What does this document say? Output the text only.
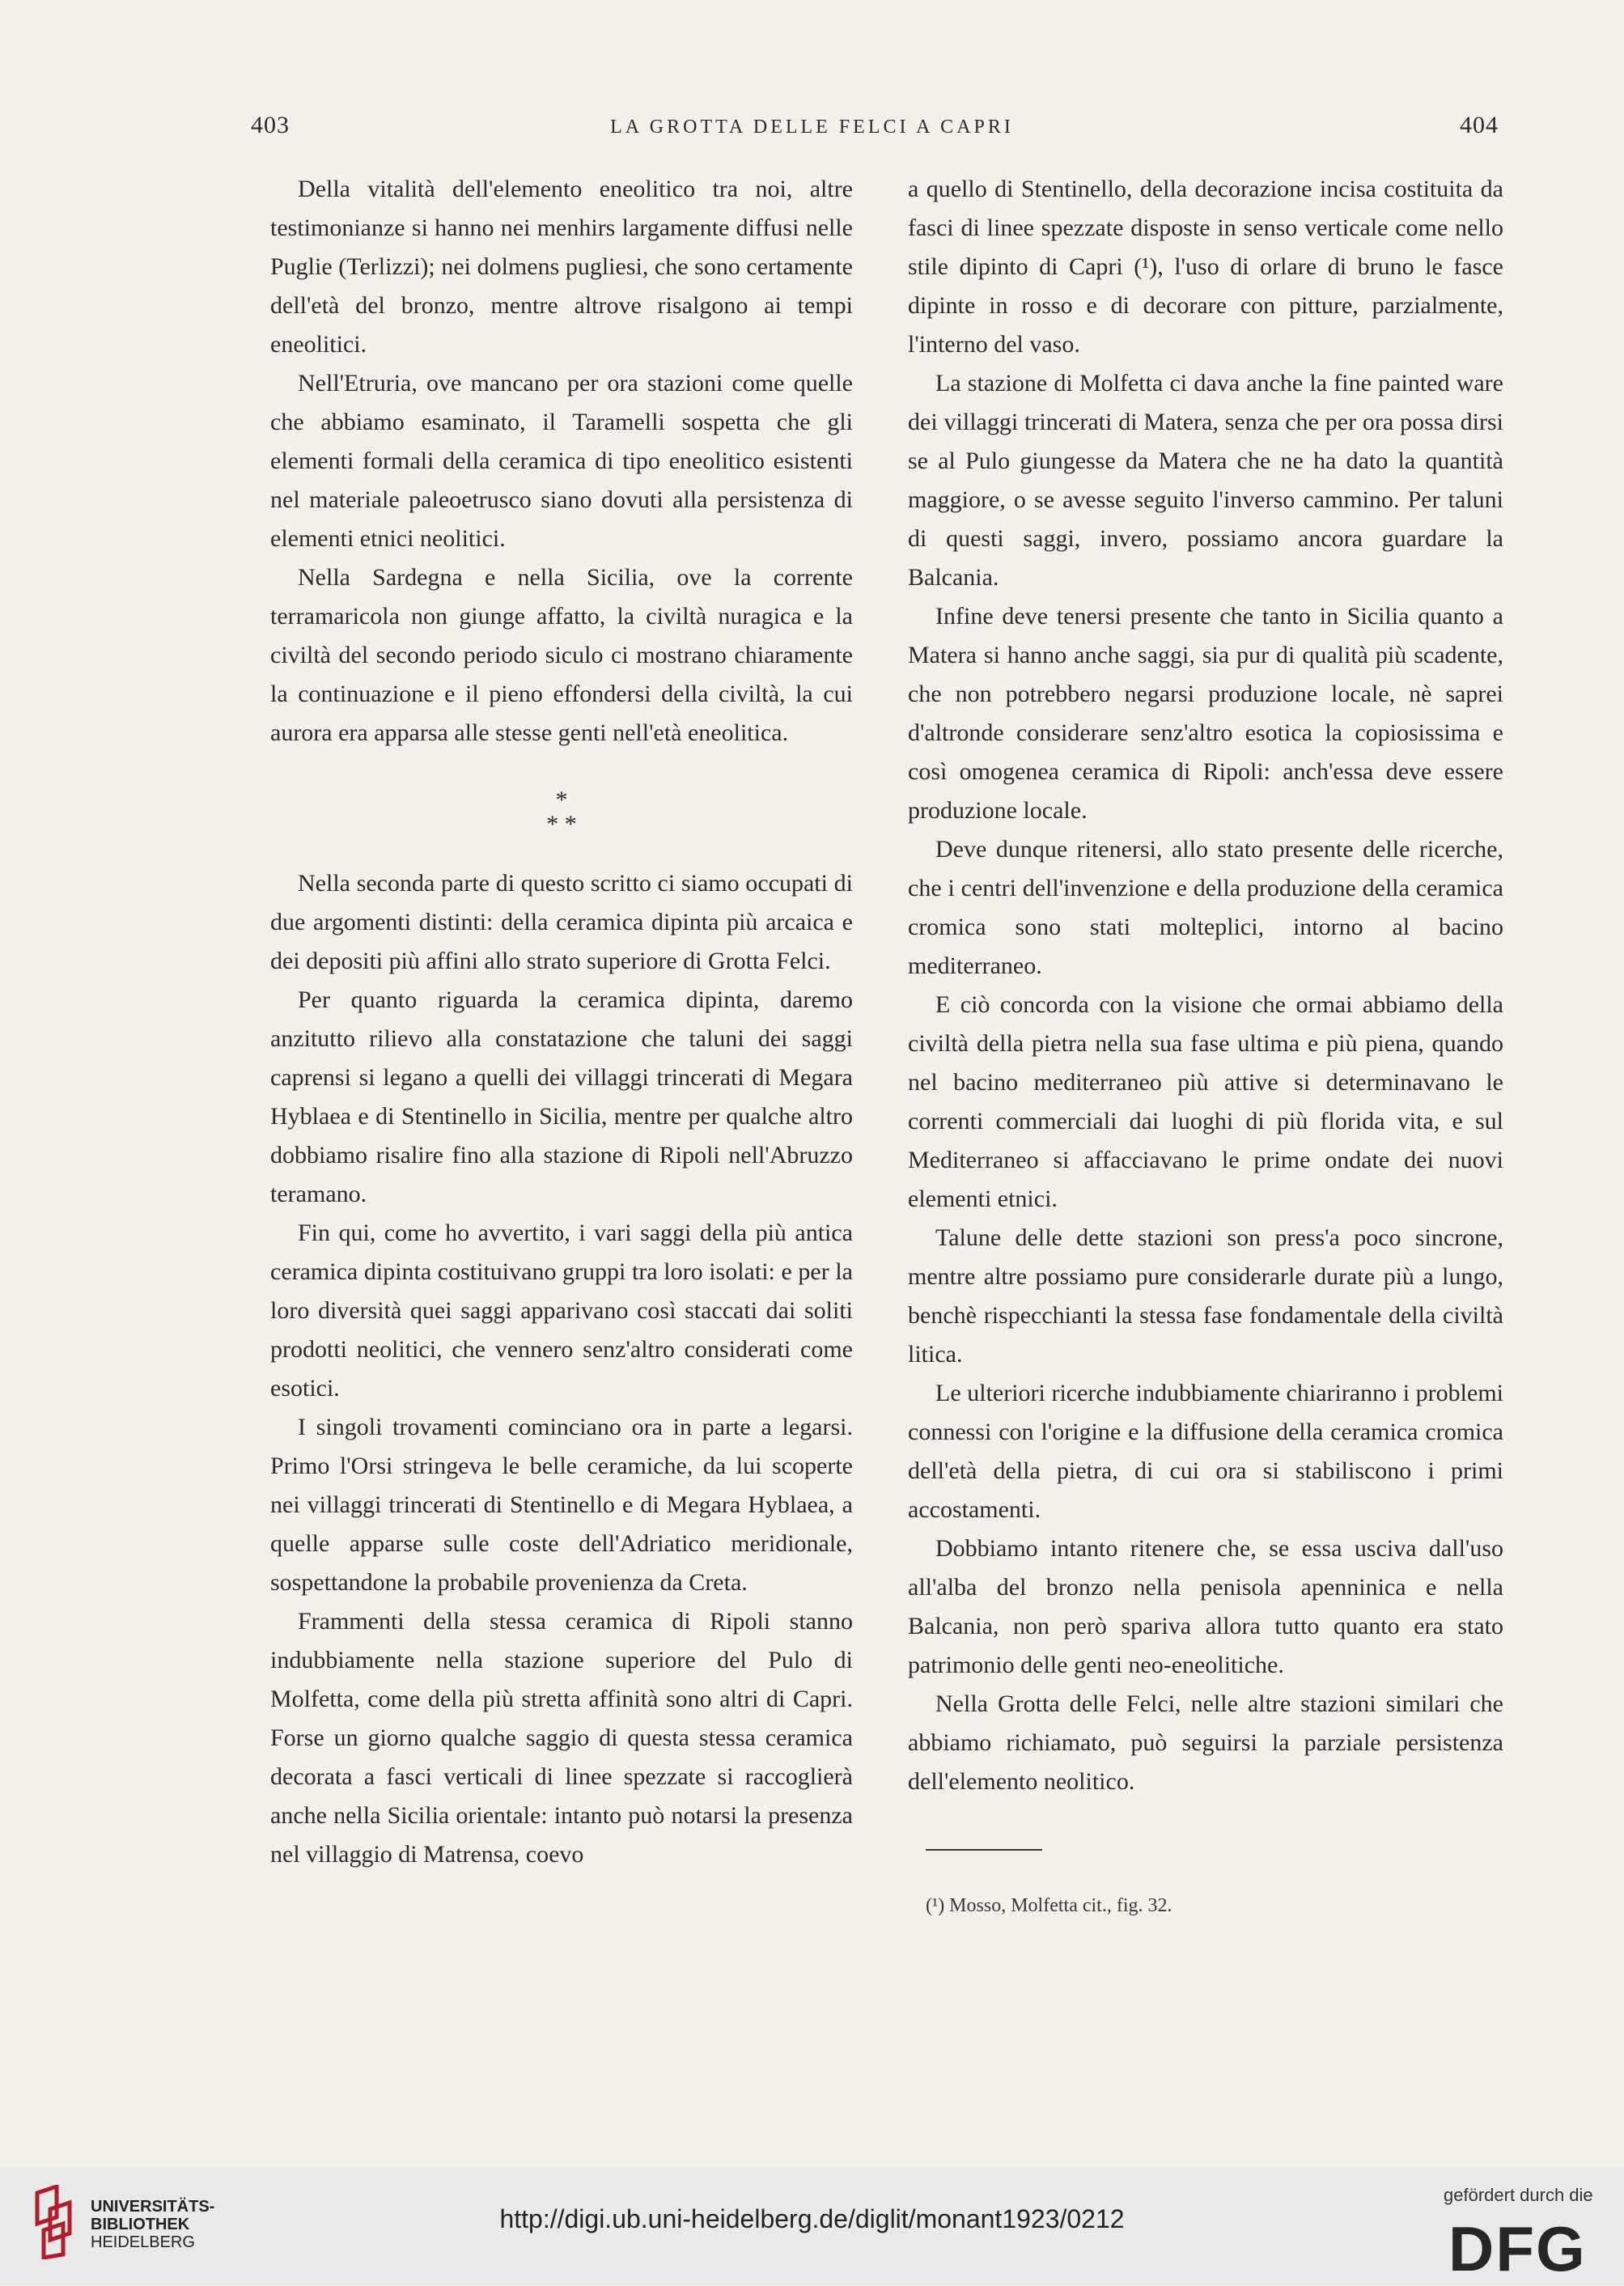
403	LA GROTTA DELLE FELCI A CAPRI	404

Della vitalità dell'elemento eneolitico tra noi, altre testimonianze si hanno nei menhirs largamente diffusi nelle Puglie (Terlizzi); nei dolmens pugliesi, che sono certamente dell'età del bronzo, mentre altrove risalgono ai tempi eneolitici.

Nell'Etruria, ove mancano per ora stazioni come quelle che abbiamo esaminato, il Taramelli sospetta che gli elementi formali della ceramica di tipo eneolitico esistenti nel materiale paleoetrusco siano dovuti alla persistenza di elementi etnici neolitici.

Nella Sardegna e nella Sicilia, ove la corrente terramaricola non giunge affatto, la civiltà nuragica e la civiltà del secondo periodo siculo ci mostrano chiaramente la continuazione e il pieno effondersi della civiltà, la cui aurora era apparsa alle stesse genti nell'età eneolitica.

*
* *

Nella seconda parte di questo scritto ci siamo occupati di due argomenti distinti: della ceramica dipinta più arcaica e dei depositi più affini allo strato superiore di Grotta Felci.

Per quanto riguarda la ceramica dipinta, daremo anzitutto rilievo alla constatazione che taluni dei saggi caprensi si legano a quelli dei villaggi trincerati di Megara Hyblaea e di Stentinello in Sicilia, mentre per qualche altro dobbiamo risalire fino alla stazione di Ripoli nell'Abruzzo teramano.

Fin qui, come ho avvertito, i vari saggi della più antica ceramica dipinta costituivano gruppi tra loro isolati: e per la loro diversità quei saggi apparivano così staccati dai soliti prodotti neolitici, che vennero senz'altro considerati come esotici.

I singoli trovamenti cominciano ora in parte a legarsi. Primo l'Orsi stringeva le belle ceramiche, da lui scoperte nei villaggi trincerati di Stentinello e di Megara Hyblaea, a quelle apparse sulle coste dell'Adriatico meridionale, sospettandone la probabile provenienza da Creta.

Frammenti della stessa ceramica di Ripoli stanno indubbiamente nella stazione superiore del Pulo di Molfetta, come della più stretta affinità sono altri di Capri. Forse un giorno qualche saggio di questa stessa ceramica decorata a fasci verticali di linee spezzate si raccoglierà anche nella Sicilia orientale: intanto può notarsi la presenza nel villaggio di Matrensa, coevo

a quello di Stentinello, della decorazione incisa costituita da fasci di linee spezzate disposte in senso verticale come nello stile dipinto di Capri (¹), l'uso di orlare di bruno le fasce dipinte in rosso e di decorare con pitture, parzialmente, l'interno del vaso.

La stazione di Molfetta ci dava anche la fine painted ware dei villaggi trincerati di Matera, senza che per ora possa dirsi se al Pulo giungesse da Matera che ne ha dato la quantità maggiore, o se avesse seguito l'inverso cammino. Per taluni di questi saggi, invero, possiamo ancora guardare la Balcania.

Infine deve tenersi presente che tanto in Sicilia quanto a Matera si hanno anche saggi, sia pur di qualità più scadente, che non potrebbero negarsi produzione locale, nè saprei d'altronde considerare senz'altro esotica la copiosissima e così omogenea ceramica di Ripoli: anch'essa deve essere produzione locale.

Deve dunque ritenersi, allo stato presente delle ricerche, che i centri dell'invenzione e della produzione della ceramica cromica sono stati molteplici, intorno al bacino mediterraneo.

E ciò concorda con la visione che ormai abbiamo della civiltà della pietra nella sua fase ultima e più piena, quando nel bacino mediterraneo più attive si determinavano le correnti commerciali dai luoghi di più florida vita, e sul Mediterraneo si affacciavano le prime ondate dei nuovi elementi etnici.

Talune delle dette stazioni son press'a poco sincrone, mentre altre possiamo pure considerarle durate più a lungo, benchè rispecchianti la stessa fase fondamentale della civiltà litica.

Le ulteriori ricerche indubbiamente chiariranno i problemi connessi con l'origine e la diffusione della ceramica cromica dell'età della pietra, di cui ora si stabiliscono i primi accostamenti.

Dobbiamo intanto ritenere che, se essa usciva dall'uso all'alba del bronzo nella penisola apenninica e nella Balcania, non però spariva allora tutto quanto era stato patrimonio delle genti neo-eneolitiche.

Nella Grotta delle Felci, nelle altre stazioni similari che abbiamo richiamato, può seguirsi la parziale persistenza dell'elemento neolitico.

(¹) Mosso, Molfetta cit., fig. 32.
UNIVERSITÄTS-
BIBLIOTHEK
HEIDELBERG
http://digi.ub.uni-heidelberg.de/diglit/monant1923/0212
gefördert durch die
DFG
